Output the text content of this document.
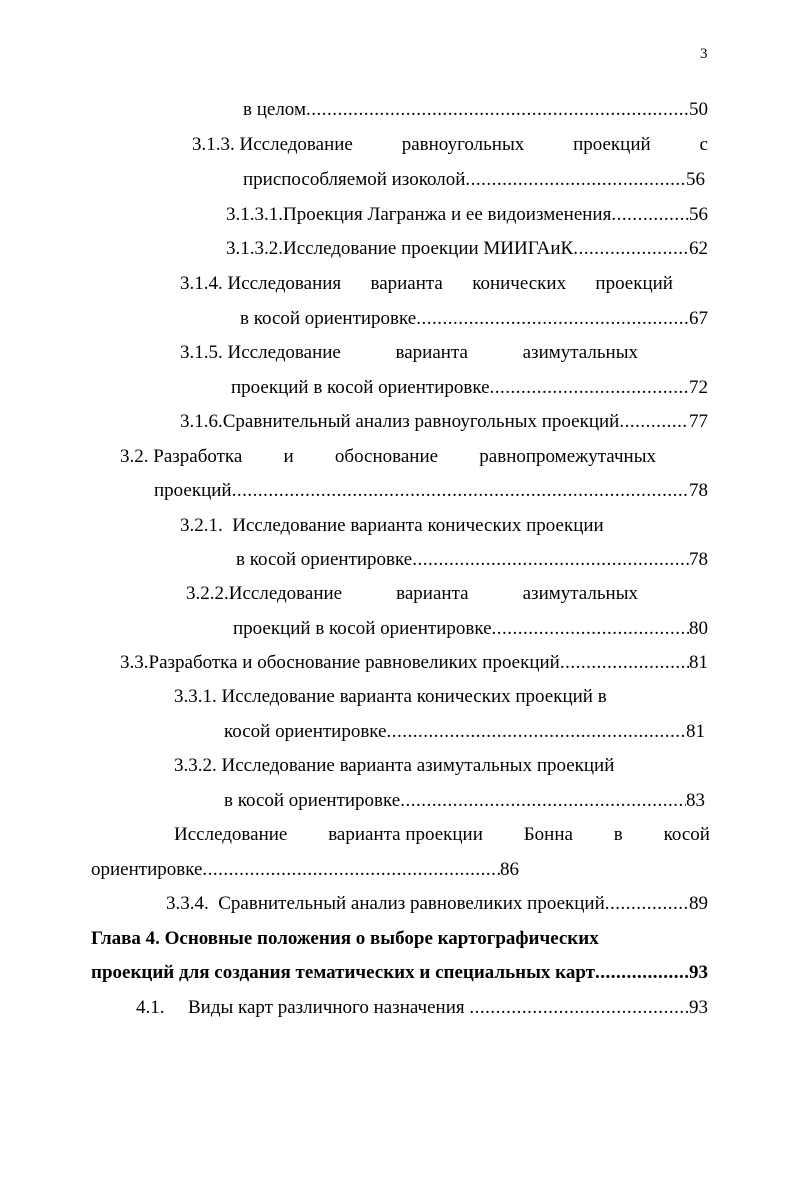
3
в целом .....	50
3.1.3. Исследование	равноугольных	проекций	с
приспособляемой изоколой .....	56
3.1.3.1.Проекция Лагранжа и ее видоизменения .....	56
3.1.3.2.Исследование проекции МИИГАиК .....	62
3.1.4. Исследования варианта конических проекций
в косой ориентировке .....	67
3.1.5. Исследование	варианта	азимутальных
проекций в косой ориентировке .....	72
3.1.6.Сравнительный анализ равноугольных проекций .....	77
3.2. Разработка и обоснование равнопромежутачных
проекций .....	78
3.2.1.  Исследование варианта конических проекции
в косой ориентировке .....	78
3.2.2.Исследование	варианта	азимутальных
проекций в косой ориентировке .....	80
3.3.Разработка и обоснование равновеликих проекций .....	81
3.3.1. Исследование варианта конических проекций в
косой ориентировке .....	81
3.3.2. Исследование варианта азимутальных проекций
в косой ориентировке .....	83
Исследование варианта проекции Бонна в косой
ориентировке .....	86
3.3.4.  Сравнительный анализ равновеликих проекций .....	89
Глава 4. Основные положения о выборе картографических
проекций для создания тематических и специальных карт .....	93
4.1.	Виды карт различного назначения .....	93
